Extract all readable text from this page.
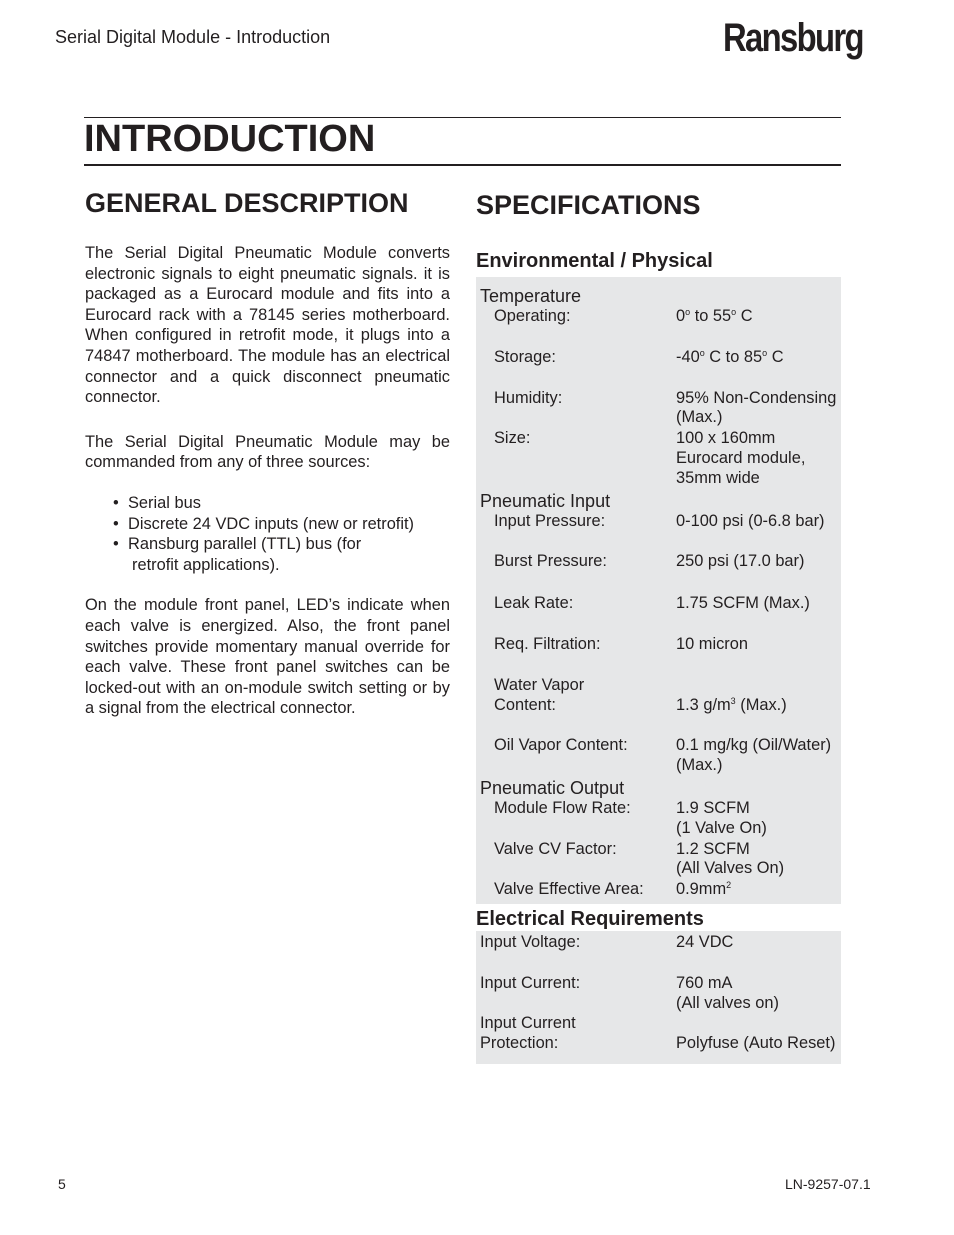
Serial Digital Module - Introduction	Ransburg
INTRODUCTION
GENERAL DESCRIPTION

The Serial Digital Pneumatic Module converts electronic signals to eight pneumatic signals. it is packaged as a Eurocard module and fits into a Eurocard rack with a 78145 series motherboard. When configured in retrofit mode, it plugs into a 74847 motherboard. The module has an electrical connector and a quick disconnect pneumatic connector.

The Serial Digital Pneumatic Module may be commanded from any of three sources:

• Serial bus
• Discrete 24 VDC inputs (new or retrofit)
• Ransburg parallel (TTL) bus (for
retrofit applications).

On the module front panel, LED’s indicate when each valve is energized. Also, the front panel switches provide momentary manual override for each valve. These front panel switches can be locked-out with an on-module switch setting or by a signal from the electrical connector.

SPECIFICATIONS
Environmental / Physical
Temperature
Operating:	0$^o$ to 55$^o$ C
Storage:	-40$^o$ C to 85$^o$ C
Humidity:	95% Non-Condensing
(Max.)
Size:	100 x 160mm
Eurocard module,
35mm wide
Pneumatic Input
Input Pressure:	0-100 psi (0-6.8 bar)
Burst Pressure:	250 psi (17.0 bar)
Leak Rate:	1.75 SCFM (Max.)
Req. Filtration:	10 micron
Water Vapor
Content:
	1.3 $g/m^3$ (Max.)
Oil Vapor Content:	0.1 mg/kg (Oil/Water)
(Max.)
Pneumatic Output
Module Flow Rate:	1.9 SCFM
(1 Valve On)
Valve CV Factor:	1.2 SCFM
(All Valves On)
Valve Effective Area:	$0.9mm^2$
Electrical Requirements
Input Voltage:	24 VDC
Input Current:	760 mA
(All valves on)
Input Current
Protection:
	Polyfuse (Auto Reset)
5	LN-9257-07.1
